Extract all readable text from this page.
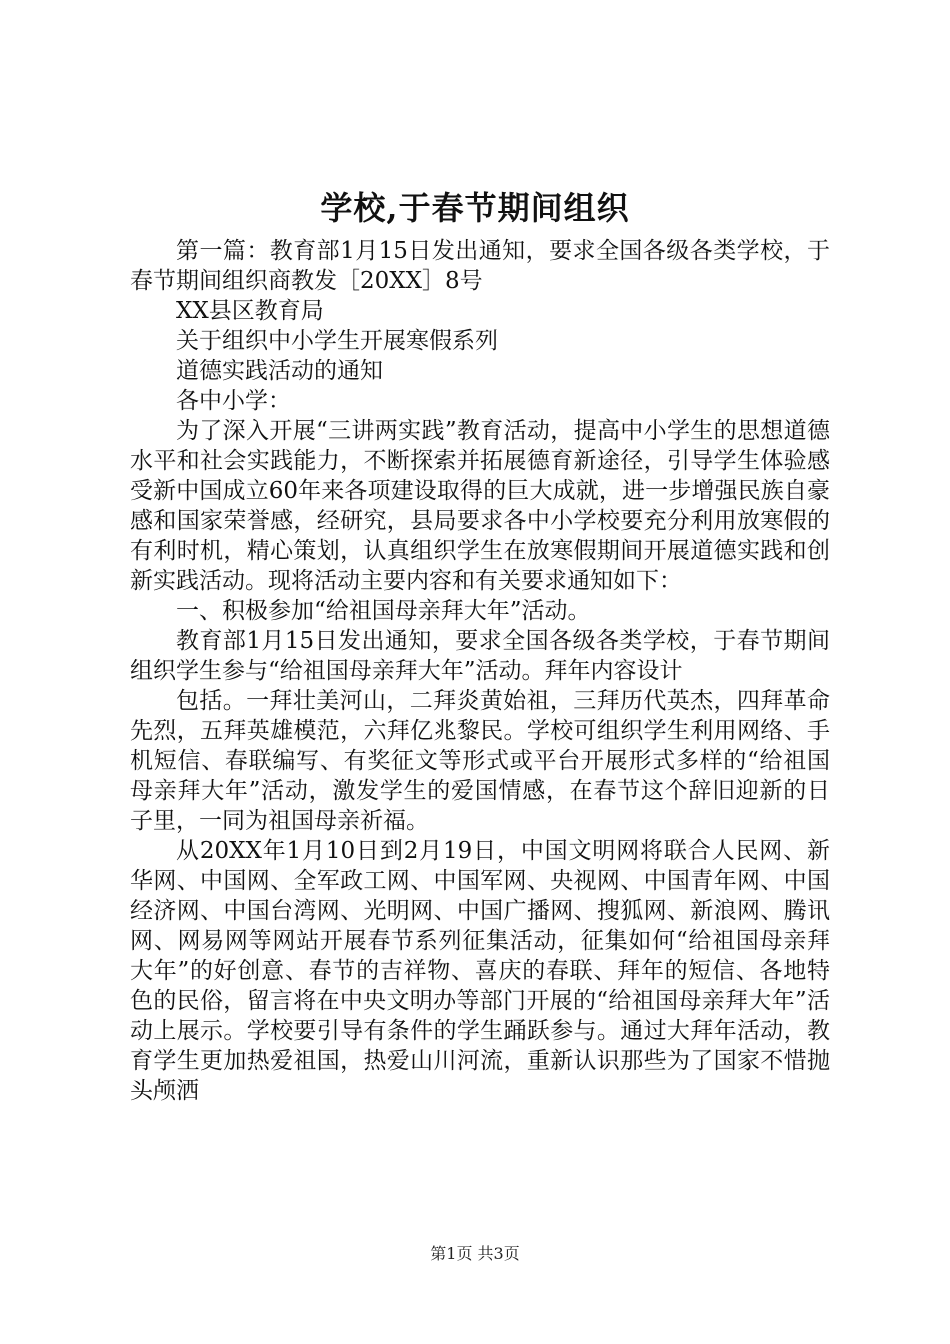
学校,于春节期间组织

第一篇：教育部1月15日发出通知，要求全国各级各类学校，于春节期间组织商教发［20XX］8号

XX县区教育局

关于组织中小学生开展寒假系列

道德实践活动的通知

各中小学：

为了深入开展“三讲两实践”教育活动，提高中小学生的思想道德水平和社会实践能力，不断探索并拓展德育新途径，引导学生体验感受新中国成立60年来各项建设取得的巨大成就，进一步增强民族自豪感和国家荣誉感，经研究，县局要求各中小学校要充分利用放寒假的有利时机，精心策划，认真组织学生在放寒假期间开展道德实践和创新实践活动。现将活动主要内容和有关要求通知如下：

一、积极参加“给祖国母亲拜大年”活动。

教育部1月15日发出通知，要求全国各级各类学校，于春节期间组织学生参与“给祖国母亲拜大年”活动。拜年内容设计

包括。一拜壮美河山，二拜炎黄始祖，三拜历代英杰，四拜革命先烈，五拜英雄模范，六拜亿兆黎民。学校可组织学生利用网络、手机短信、春联编写、有奖征文等形式或平台开展形式多样的“给祖国母亲拜大年”活动，激发学生的爱国情感，在春节这个辞旧迎新的日子里，一同为祖国母亲祈福。

从20XX年1月10日到2月19日，中国文明网将联合人民网、新华网、中国网、全军政工网、中国军网、央视网、中国青年网、中国经济网、中国台湾网、光明网、中国广播网、搜狐网、新浪网、腾讯网、网易网等网站开展春节系列征集活动，征集如何“给祖国母亲拜大年”的好创意、春节的吉祥物、喜庆的春联、拜年的短信、各地特色的民俗，留言将在中央文明办等部门开展的“给祖国母亲拜大年”活动上展示。学校要引导有条件的学生踊跃参与。通过大拜年活动，教育学生更加热爱祖国，热爱山川河流，重新认识那些为了国家不惜抛头颅洒

第1页 共3页
